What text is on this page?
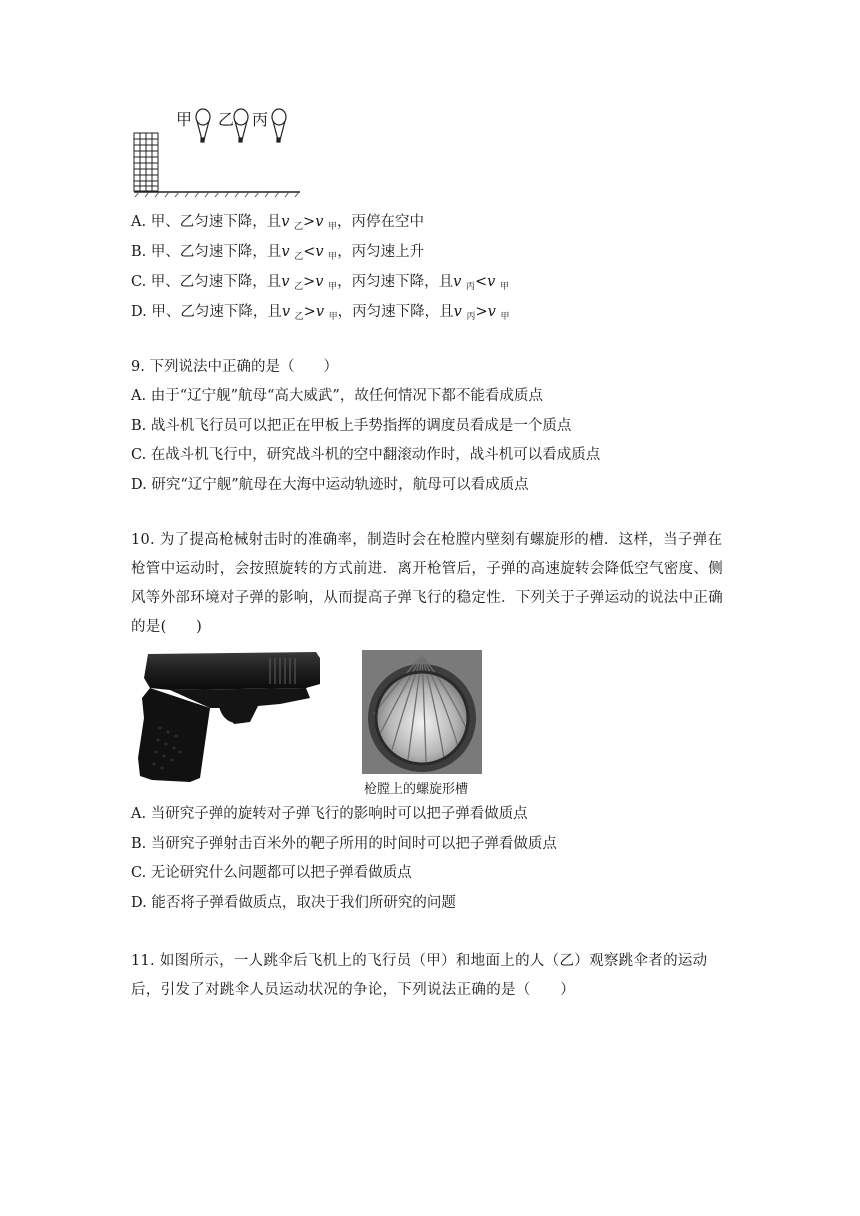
甲 乙 丙
A. 甲、乙匀速下降，且v $_乙$>v $_甲$，丙停在空中
B. 甲、乙匀速下降，且v $_乙$<v $_甲$，丙匀速上升
C. 甲、乙匀速下降，且v $_乙$>v $_甲$，丙匀速下降，且v $_丙$<v $_甲$
D. 甲、乙匀速下降，且v $_乙$>v $_甲$，丙匀速下降，且v $_丙$>v $_甲$
9. 下列说法中正确的是（　　）
A. 由于“辽宁舰”航母“高大威武”，故任何情况下都不能看成质点
B. 战斗机飞行员可以把正在甲板上手势指挥的调度员看成是一个质点
C. 在战斗机飞行中，研究战斗机的空中翻滚动作时，战斗机可以看成质点
D. 研究“辽宁舰”航母在大海中运动轨迹时，航母可以看成质点
10. 为了提高枪械射击时的准确率，制造时会在枪膛内壁刻有螺旋形的槽．这样，当子弹在枪管中运动时，会按照旋转的方式前进．离开枪管后，子弹的高速旋转会降低空气密度、侧风等外部环境对子弹的影响，从而提高子弹飞行的稳定性．下列关于子弹运动的说法中正确的是(　　)
枪膛上的螺旋形槽
A. 当研究子弹的旋转对子弹飞行的影响时可以把子弹看做质点
B. 当研究子弹射击百米外的靶子所用的时间时可以把子弹看做质点
C. 无论研究什么问题都可以把子弹看做质点
D. 能否将子弹看做质点，取决于我们所研究的问题
11. 如图所示，一人跳伞后飞机上的飞行员（甲）和地面上的人（乙）观察跳伞者的运动后，引发了对跳伞人员运动状况的争论，下列说法正确的是（　　）
